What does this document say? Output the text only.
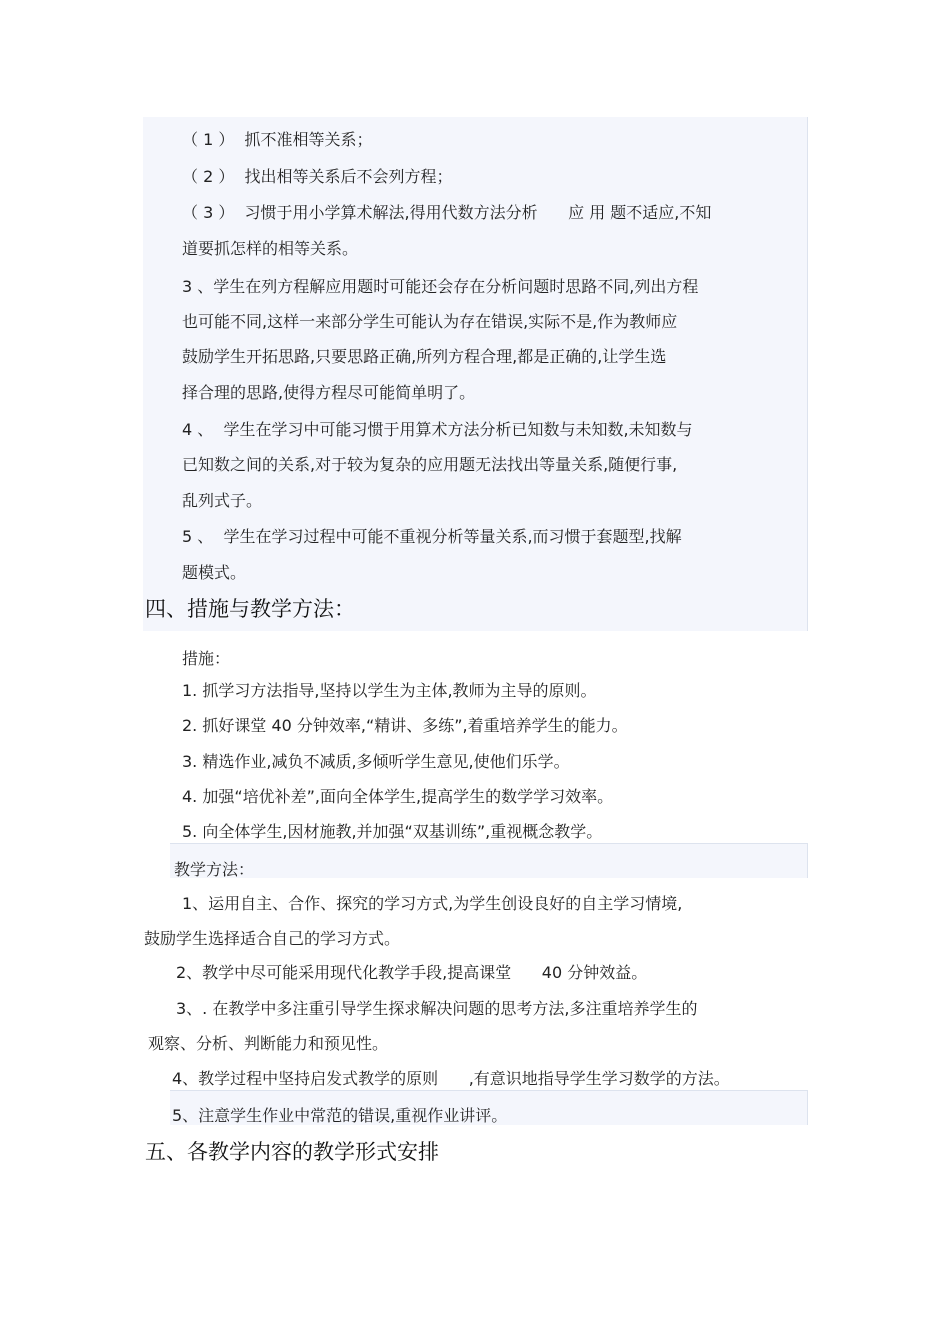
（ 1 ）  抓不准相等关系；
（ 2 ）  找出相等关系后不会列方程；
（ 3 ）  习惯于用小学算术解法,得用代数方法分析      应 用 题不适应,不知
道要抓怎样的相等关系。
3 、学生在列方程解应用题时可能还会存在分析问题时思路不同,列出方程
也可能不同,这样一来部分学生可能认为存在错误,实际不是,作为教师应
鼓励学生开拓思路,只要思路正确,所列方程合理,都是正确的,让学生选
择合理的思路,使得方程尽可能简单明了。
4 、  学生在学习中可能习惯于用算术方法分析已知数与未知数,未知数与
已知数之间的关系,对于较为复杂的应用题无法找出等量关系,随便行事,
乱列式子。
5 、  学生在学习过程中可能不重视分析等量关系,而习惯于套题型,找解
题模式。
四、措施与教学方法：
措施：
1. 抓学习方法指导,坚持以学生为主体,教师为主导的原则。
2. 抓好课堂 40 分钟效率,“精讲、多练”,着重培养学生的能力。
3. 精选作业,减负不减质,多倾听学生意见,使他们乐学。
4. 加强“培优补差”,面向全体学生,提高学生的数学学习效率。
5. 向全体学生,因材施教,并加强“双基训练”,重视概念教学。
教学方法：
1、运用自主、合作、探究的学习方式,为学生创设良好的自主学习情境,
鼓励学生选择适合自己的学习方式。
2、教学中尽可能采用现代化教学手段,提高课堂      40 分钟效益。
3、. 在教学中多注重引导学生探求解决问题的思考方法,多注重培养学生的
观察、分析、判断能力和预见性。
4、教学过程中坚持启发式教学的原则      ,有意识地指导学生学习数学的方法。
5、注意学生作业中常范的错误,重视作业讲评。
五、各教学内容的教学形式安排
